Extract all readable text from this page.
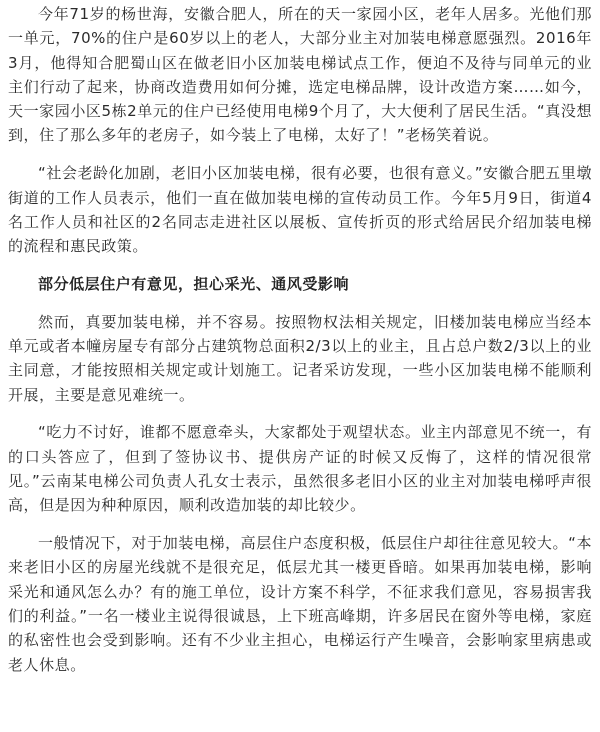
今年71岁的杨世海，安徽合肥人，所在的天一家园小区，老年人居多。光他们那一单元，70%的住户是60岁以上的老人，大部分业主对加装电梯意愿强烈。2016年3月，他得知合肥蜀山区在做老旧小区加装电梯试点工作，便迫不及待与同单元的业主们行动了起来，协商改造费用如何分摊，选定电梯品牌，设计改造方案……如今，天一家园小区5栋2单元的住户已经使用电梯9个月了，大大便利了居民生活。“真没想到，住了那么多年的老房子，如今装上了电梯，太好了！”老杨笑着说。

“社会老龄化加剧，老旧小区加装电梯，很有必要，也很有意义。”安徽合肥五里墩街道的工作人员表示，他们一直在做加装电梯的宣传动员工作。今年5月9日，街道4名工作人员和社区的2名同志走进社区以展板、宣传折页的形式给居民介绍加装电梯的流程和惠民政策。

部分低层住户有意见，担心采光、通风受影响

然而，真要加装电梯，并不容易。按照物权法相关规定，旧楼加装电梯应当经本单元或者本幢房屋专有部分占建筑物总面积2/3以上的业主，且占总户数2/3以上的业主同意，才能按照相关规定或计划施工。记者采访发现，一些小区加装电梯不能顺利开展，主要是意见难统一。

“吃力不讨好，谁都不愿意牵头，大家都处于观望状态。业主内部意见不统一，有的口头答应了，但到了签协议书、提供房产证的时候又反悔了，这样的情况很常见。”云南某电梯公司负责人孔女士表示，虽然很多老旧小区的业主对加装电梯呼声很高，但是因为种种原因，顺利改造加装的却比较少。

一般情况下，对于加装电梯，高层住户态度积极，低层住户却往往意见较大。“本来老旧小区的房屋光线就不是很充足，低层尤其一楼更昏暗。如果再加装电梯，影响采光和通风怎么办？有的施工单位，设计方案不科学，不征求我们意见，容易损害我们的利益。”一名一楼业主说得很诚恳，上下班高峰期，许多居民在窗外等电梯，家庭的私密性也会受到影响。还有不少业主担心，电梯运行产生噪音，会影响家里病患或老人休息。
